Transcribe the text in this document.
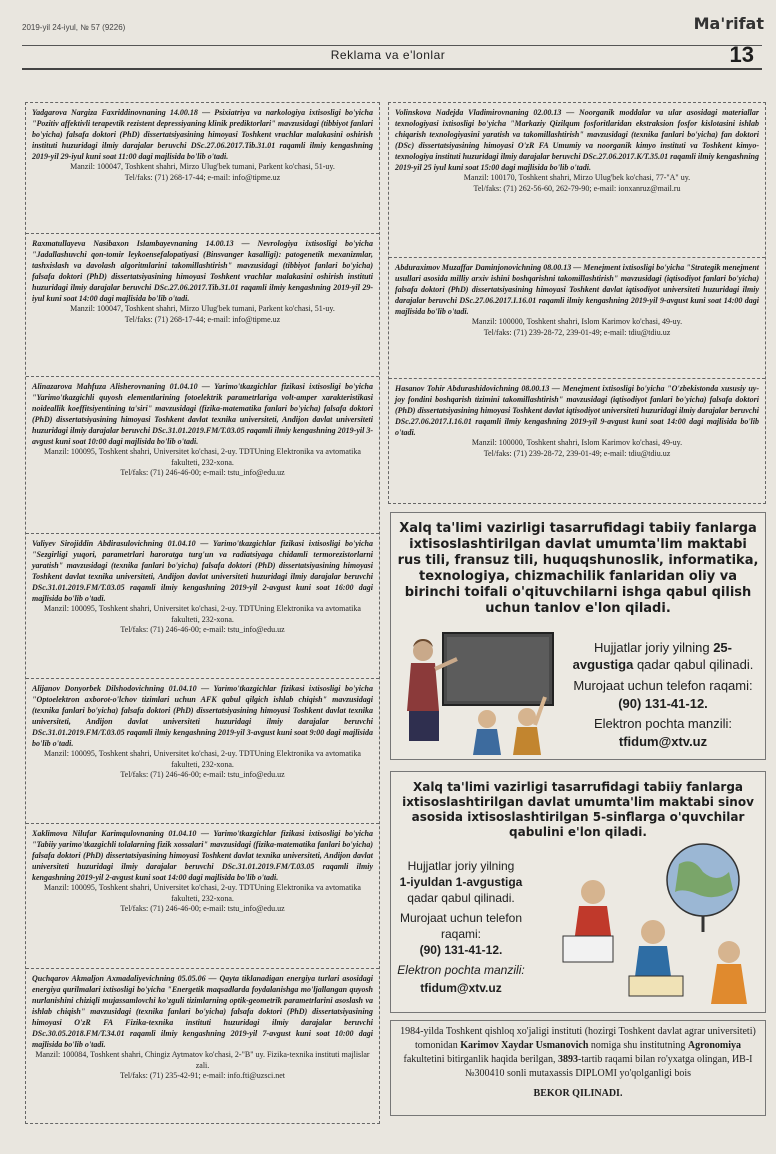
2019-yil 24-iyul, № 57 (9226)	Ma'rifat
Reklama va e'lonlar	13

Yadgarova Nargiza Faxriddinovnaning 14.00.18 — Psixiatriya va narkologiya ixtisosligi bo'yicha "Pozitiv affektivli terapevtik rezistent depressiyaning klinik prediktorlari" mavzusidagi (tibbiyot fanlari bo'yicha) falsafa doktori (PhD) dissertatsiyasining himoyasi Toshkent vrachlar malakasini oshirish instituti huzuridagi ilmiy darajalar beruvchi DSc.27.06.2017.Tib.31.01 raqamli ilmiy kengashning 2019-yil 29-iyul kuni soat 11:00 dagi majlisida bo'lib o'tadi.

Manzil: 100047, Toshkent shahri, Mirzo Ulug'bek tumani, Parkent ko'chasi, 51-uy.

Tel/faks: (71) 268-17-44; e-mail: info@tipme.uz

Raxmatullayeva Nasibaxon Islambayevnaning 14.00.13 — Nevrologiya ixtisosligi bo'yicha "Jadallashuvchi qon-tomir leykoensefalopatiyasi (Binsvanger kasalligi): patogenetik mexanizmlar, tashxislash va davolash algoritmlarini takomillashtirish" mavzusidagi (tibbiyot fanlari bo'yicha) falsafa doktori (PhD) dissertatsiyasining himoyasi Toshkent vrachlar malakasini oshirish instituti huzuridagi ilmiy darajalar beruvchi DSc.27.06.2017.Tib.31.01 raqamli ilmiy kengashning 2019-yil 29-iyul kuni soat 14:00 dagi majlisida bo'lib o'tadi.

Manzil: 100047, Toshkent shahri, Mirzo Ulug'bek tumani, Parkent ko'chasi, 51-uy.

Tel/faks: (71) 268-17-44; e-mail: info@tipme.uz

Alinazarova Mahfuza Alisherovnaning 01.04.10 — Yarimo'tkazgichlar fizikasi ixtisosligi bo'yicha "Yarimo'tkazgichli quyosh elementlarining fotoelektrik parametrlariga volt-amper xarakteristikasi noideallik koeffitsiyentining ta'siri" mavzusidagi (fizika-matematika fanlari bo'yicha) falsafa doktori (PhD) dissertatsiyasining himoyasi Toshkent davlat texnika universiteti, Andijon davlat universiteti huzuridagi ilmiy darajalar beruvchi DSc.31.01.2019.FM/T.03.05 raqamli ilmiy kengashning 2019-yil 3-avgust kuni soat 10:00 dagi majlisida bo'lib o'tadi.

Manzil: 100095, Toshkent shahri, Universitet ko'chasi, 2-uy. TDTUning Elektronika va avtomatika fakulteti, 232-xona.

Tel/faks: (71) 246-46-00; e-mail: tstu_info@edu.uz

Valiyev Sirojiddin Abdirasulovichning 01.04.10 — Yarimo'tkazgichlar fizikasi ixtisosligi bo'yicha "Sezgirligi yuqori, parametrlari haroratga turg'un va radiatsiyaga chidamli termorezistorlarni yaratish" mavzusidagi (texnika fanlari bo'yicha) falsafa doktori (PhD) dissertatsiyasining himoyasi Toshkent davlat texnika universiteti, Andijon davlat universiteti huzuridagi ilmiy darajalar beruvchi DSc.31.01.2019.FM/T.03.05 raqamli ilmiy kengashning 2019-yil 2-avgust kuni soat 16:00 dagi majlisida bo'lib o'tadi.

Manzil: 100095, Toshkent shahri, Universitet ko'chasi, 2-uy. TDTUning Elektronika va avtomatika fakulteti, 232-xona.

Tel/faks: (71) 246-46-00; e-mail: tstu_info@edu.uz

Alijanov Donyorbek Dilshodovichning 01.04.10 — Yarimo'tkazgichlar fizikasi ixtisosligi bo'yicha "Optoelektron axborot-o'lchov tizimlari uchun AFK qabul qilgich ishlab chiqish" mavzusidagi (texnika fanlari bo'yicha) falsafa doktori (PhD) dissertatsiyasining himoyasi Toshkent davlat texnika universiteti, Andijon davlat universiteti huzuridagi ilmiy darajalar beruvchi DSc.31.01.2019.FM/T.03.05 raqamli ilmiy kengashning 2019-yil 3-avgust kuni soat 9:00 dagi majlisida bo'lib o'tadi.

Manzil: 100095, Toshkent shahri, Universitet ko'chasi, 2-uy. TDTUning Elektronika va avtomatika fakulteti, 232-xona.

Tel/faks: (71) 246-46-00; e-mail: tstu_info@edu.uz

Xaklimova Nilufar Karimqulovnaning 01.04.10 — Yarimo'tkazgichlar fizikasi ixtisosligi bo'yicha "Tabiiy yarimo'tkazgichli tolalarning fizik xossalari" mavzusidagi (fizika-matematika fanlari bo'yicha) falsafa doktori (PhD) dissertatsiyasining himoyasi Toshkent davlat texnika universiteti, Andijon davlat universiteti huzuridagi ilmiy darajalar beruvchi DSc.31.01.2019.FM/T.03.05 raqamli ilmiy kengashning 2019-yil 2-avgust kuni soat 14:00 dagi majlisida bo'lib o'tadi.

Manzil: 100095, Toshkent shahri, Universitet ko'chasi, 2-uy. TDTUning Elektronika va avtomatika fakulteti, 232-xona.

Tel/faks: (71) 246-46-00; e-mail: tstu_info@edu.uz

Quchqarov Akmaljon Axmadaliyevichning 05.05.06 — Qayta tiklanadigan energiya turlari asosidagi energiya qurilmalari ixtisosligi bo'yicha "Energetik maqsadlarda foydalanishga mo'ljallangan quyosh nurlanishini chiziqli mujassamlovchi ko'zguli tizimlarning optik-geometrik parametrlarini asoslash va ishlab chiqish" mavzusidagi (texnika fanlari bo'yicha) falsafa doktori (PhD) dissertatsiyasining himoyasi O'zR FA Fizika-texnika instituti huzuridagi ilmiy darajalar beruvchi DSc.30.05.2018.FM/T.34.01 raqamli ilmiy kengashning 2019-yil 7-avgust kuni soat 10:00 dagi majlisida bo'lib o'tadi.

Manzil: 100084, Toshkent shahri, Chingiz Aytmatov ko'chasi, 2-"B" uy. Fizika-texnika instituti majlislar zali.

Tel/faks: (71) 235-42-91; e-mail: info.fti@uzsci.net

Volinskova Nadejda Vladimirovnaning 02.00.13 — Noorganik moddalar va ular asosidagi materiallar texnologiyasi ixtisosligi bo'yicha "Markaziy Qizilqum fosforitlaridan ekstraksion fosfor kislotasini ishlab chiqarish texnologiyasini yaratish va takomillashtirish" mavzusidagi (texnika fanlari bo'yicha) fan doktori (DSc) dissertatsiyasining himoyasi O'zR FA Umumiy va noorganik kimyo instituti va Toshkent kimyo-texnologiya instituti huzuridagi ilmiy darajalar beruvchi DSc.27.06.2017.K/T.35.01 raqamli ilmiy kengashning 2019-yil 25 iyul kuni soat 15:00 dagi majlisida bo'lib o'tadi.

Manzil: 100170, Toshkent shahri, Mirzo Ulug'bek ko'chasi, 77-"A" uy.

Tel/faks: (71) 262-56-60, 262-79-90; e-mail: ionxanruz@mail.ru

Abduraximov Muzaffar Daminjonovichning 08.00.13 — Menejment ixtisosligi bo'yicha "Strategik menejment usullari asosida milliy arxiv ishini boshqarishni takomillashtirish" mavzusidagi (iqtisodiyot fanlari bo'yicha) falsafa doktori (PhD) dissertatsiyasining himoyasi Toshkent davlat iqtisodiyot universiteti huzuridagi ilmiy darajalar beruvchi DSc.27.06.2017.I.16.01 raqamli ilmiy kengashning 2019-yil 9-avgust kuni soat 14:00 dagi majlisida bo'lib o'tadi.

Manzil: 100000, Toshkent shahri, Islom Karimov ko'chasi, 49-uy.

Tel/faks: (71) 239-28-72, 239-01-49; e-mail: tdiu@tdiu.uz

Hasanov Tohir Abdurashidovichning 08.00.13 — Menejment ixtisosligi bo'yicha "O'zbekistonda xususiy uy-joy fondini boshqarish tizimini takomillashtirish" mavzusidagi (iqtisodiyot fanlari bo'yicha) falsafa doktori (PhD) dissertatsiyasining himoyasi Toshkent davlat iqtisodiyot universiteti huzuridagi ilmiy darajalar beruvchi DSc.27.06.2017.I.16.01 raqamli ilmiy kengashning 2019-yil 9-avgust kuni soat 14:00 dagi majlisida bo'lib o'tadi.

Manzil: 100000, Toshkent shahri, Islom Karimov ko'chasi, 49-uy.

Tel/faks: (71) 239-28-72, 239-01-49; e-mail: tdiu@tdiu.uz

Xalq ta'limi vazirligi tasarrufidagi tabiiy fanlarga ixtisoslashtirilgan davlat umumta'lim maktabi rus tili, fransuz tili, huquqshunoslik, informatika, texnologiya, chizmachilik fanlaridan oliy va birinchi toifali o'qituvchilarni ishga qabul qilish uchun tanlov e'lon qiladi.
Hujjatlar joriy yilning 25-avgustiga qadar qabul qilinadi.
Murojaat uchun telefon raqami:
(90) 131-41-12.
Elektron pochta manzili:
tfidum@xtv.uz
Xalq ta'limi vazirligi tasarrufidagi tabiiy fanlarga ixtisoslashtirilgan davlat umumta'lim maktabi sinov asosida ixtisoslashtirilgan 5-sinflarga o'quvchilar qabulini e'lon qiladi.
Hujjatlar joriy yilning
1-iyuldan 1-avgustiga
qadar qabul qilinadi.
Murojaat uchun telefon raqami:
(90) 131-41-12.
Elektron pochta manzili:
tfidum@xtv.uz

1984-yilda Toshkent qishloq xo'jaligi instituti (hozirgi Toshkent davlat agrar universiteti) tomonidan Karimov Xaydar Usmanovich nomiga shu institutning Agronomiya fakultetini bitirganlik haqida berilgan, 3893-tartib raqami bilan ro'yxatga olingan, ИВ-I №300410 sonli mutaxassis DIPLOMI yo'qolganligi bois

BEKOR QILINADI.
